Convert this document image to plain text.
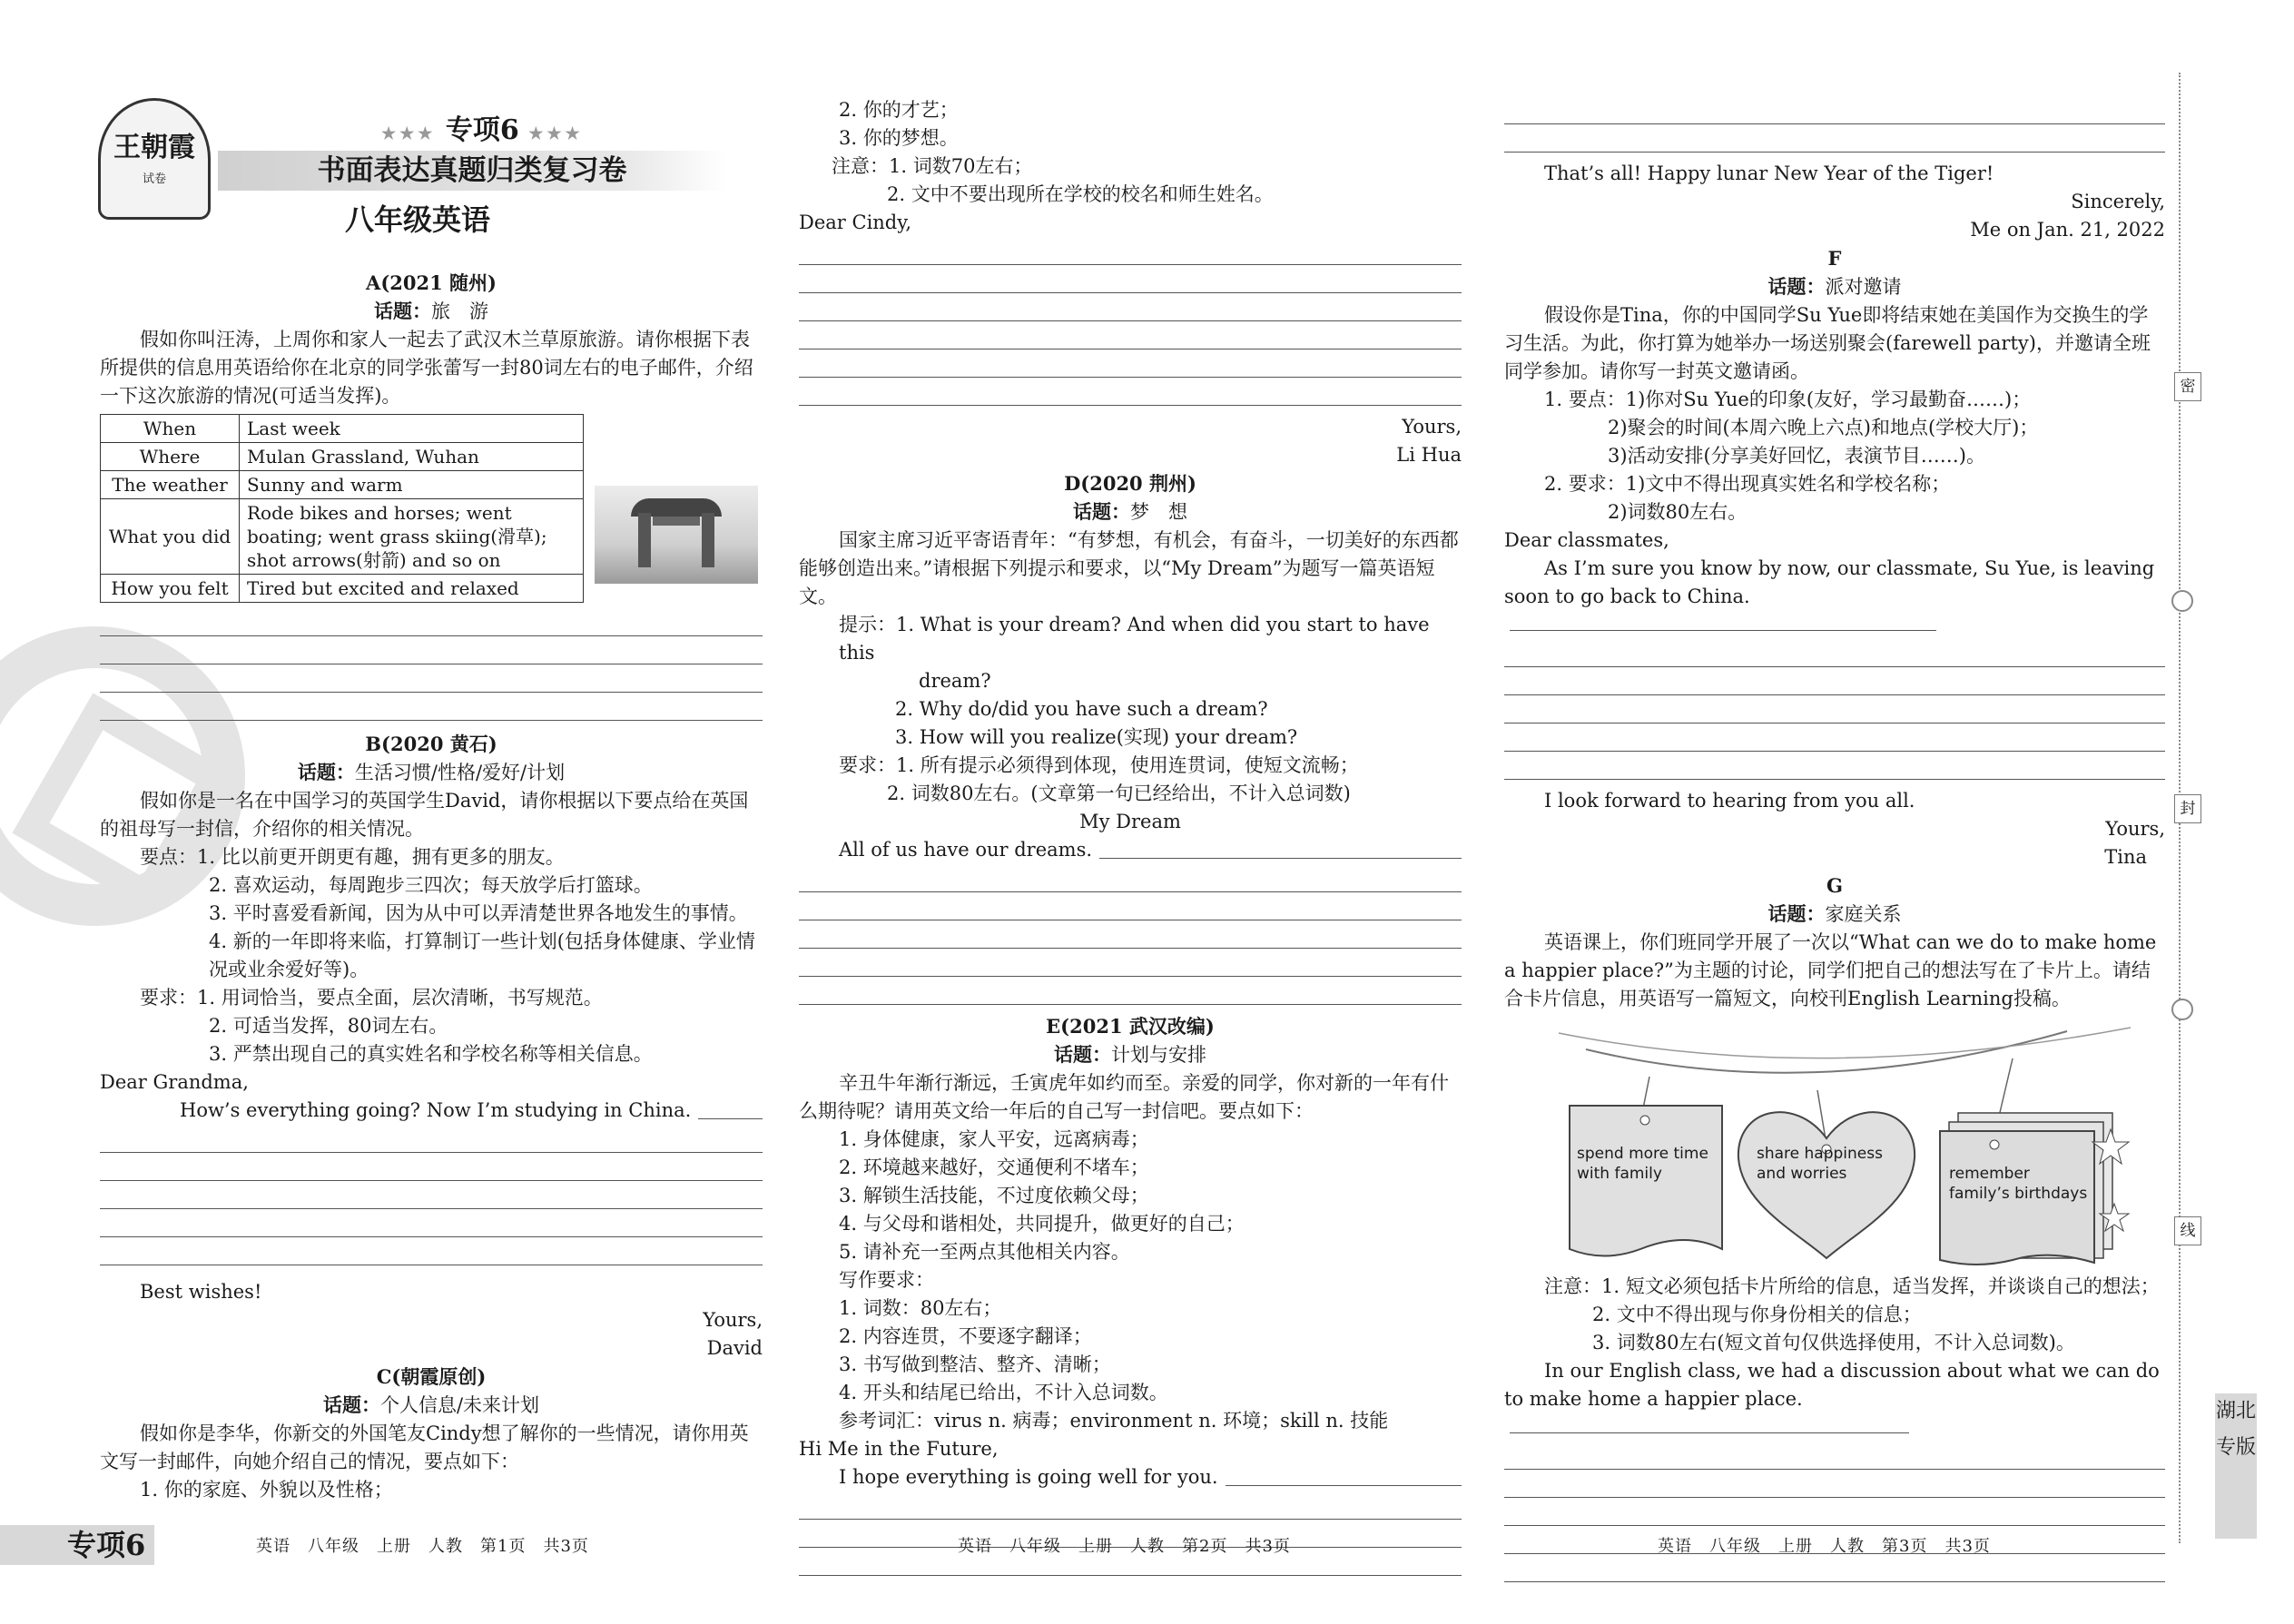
王朝霞
试卷
★★★ 专项6 ★★★
书面表达真题归类复习卷
八年级英语
A(2021 随州)
话题：旅　游

假如你叫汪涛，上周你和家人一起去了武汉木兰草原旅游。请你根据下表所提供的信息用英语给你在北京的同学张蕾写一封80词左右的电子邮件，介绍一下这次旅游的情况(可适当发挥)。

When	Last week
Where	Mulan Grassland, Wuhan
The weather	Sunny and warm
What you did	Rode bikes and horses; went boating; went grass skiing(滑草); shot arrows(射箭) and so on
How you felt	Tired but excited and relaxed
B(2020 黄石)
话题：生活习惯/性格/爱好/计划

假如你是一名在中国学习的英国学生David，请你根据以下要点给在英国的祖母写一封信，介绍你的相关情况。

要点：1. 比以前更开朗更有趣，拥有更多的朋友。
2. 喜欢运动，每周跑步三四次；每天放学后打篮球。
3. 平时喜爱看新闻，因为从中可以弄清楚世界各地发生的事情。
4. 新的一年即将来临，打算制订一些计划(包括身体健康、学业情况或业余爱好等)。
要求：1. 用词恰当，要点全面，层次清晰，书写规范。
2. 可适当发挥，80词左右。
3. 严禁出现自己的真实姓名和学校名称等相关信息。
Dear Grandma,
How’s everything going? Now I’m studying in China.
Best wishes!
Yours,
David
C(朝霞原创)
话题：个人信息/未来计划

假如你是李华，你新交的外国笔友Cindy想了解你的一些情况，请你用英文写一封邮件，向她介绍自己的情况，要点如下：

1. 你的家庭、外貌以及性格；
2. 你的才艺；
3. 你的梦想。
注意：1. 词数70左右；
2. 文中不要出现所在学校的校名和师生姓名。
Dear Cindy,
Yours,
Li Hua
D(2020 荆州)
话题：梦　想

国家主席习近平寄语青年：“有梦想，有机会，有奋斗，一切美好的东西都能够创造出来。”请根据下列提示和要求，以“My Dream”为题写一篇英语短文。

提示：1. What is your dream? And when did you start to have this
dream?
2. Why do/did you have such a dream?
3. How will you realize(实现) your dream?
要求：1. 所有提示必须得到体现，使用连贯词，使短文流畅；
2. 词数80左右。(文章第一句已经给出，不计入总词数)
My Dream
All of us have our dreams.
E(2021 武汉改编)
话题：计划与安排

辛丑牛年渐行渐远，壬寅虎年如约而至。亲爱的同学，你对新的一年有什么期待呢？请用英文给一年后的自己写一封信吧。要点如下：

1. 身体健康，家人平安，远离病毒；
2. 环境越来越好，交通便利不堵车；
3. 解锁生活技能，不过度依赖父母；
4. 与父母和谐相处，共同提升，做更好的自己；
5. 请补充一至两点其他相关内容。
写作要求：
1. 词数：80左右；
2. 内容连贯，不要逐字翻译；
3. 书写做到整洁、整齐、清晰；
4. 开头和结尾已给出，不计入总词数。
参考词汇：virus n. 病毒；environment n. 环境；skill n. 技能
Hi Me in the Future,
I hope everything is going well for you.
That’s all! Happy lunar New Year of the Tiger!
Sincerely,
Me on Jan. 21, 2022
F
话题：派对邀请

假设你是Tina，你的中国同学Su Yue即将结束她在美国作为交换生的学习生活。为此，你打算为她举办一场送别聚会(farewell party)，并邀请全班同学参加。请你写一封英文邀请函。

1. 要点：1)你对Su Yue的印象(友好，学习最勤奋……)；
2)聚会的时间(本周六晚上六点)和地点(学校大厅)；
3)活动安排(分享美好回忆，表演节目……)。
2. 要求：1)文中不得出现真实姓名和学校名称；
2)词数80左右。
Dear classmates,
As I’m sure you know by now, our classmate, Su Yue, is leaving soon to go back to China.
I look forward to hearing from you all.
Yours,
Tina
G
话题：家庭关系

英语课上，你们班同学开展了一次以“What can we do to make home a happier place?”为主题的讨论，同学们把自己的想法写在了卡片上。请结合卡片信息，用英语写一篇短文，向校刊English Learning投稿。

spend more time with family
share happiness and worries	remember family’s birthdays
注意：1. 短文必须包括卡片所给的信息，适当发挥，并谈谈自己的想法；
2. 文中不得出现与你身份相关的信息；
3. 词数80左右(短文首句仅供选择使用，不计入总词数)。
In our English class, we had a discussion about what we can do to make home a happier place.
专项6	英语　八年级　上册　人教　第1页　共3页	英语　八年级　上册　人教　第2页　共3页	英语　八年级　上册　人教　第3页　共3页
密
封
线
湖北专版
